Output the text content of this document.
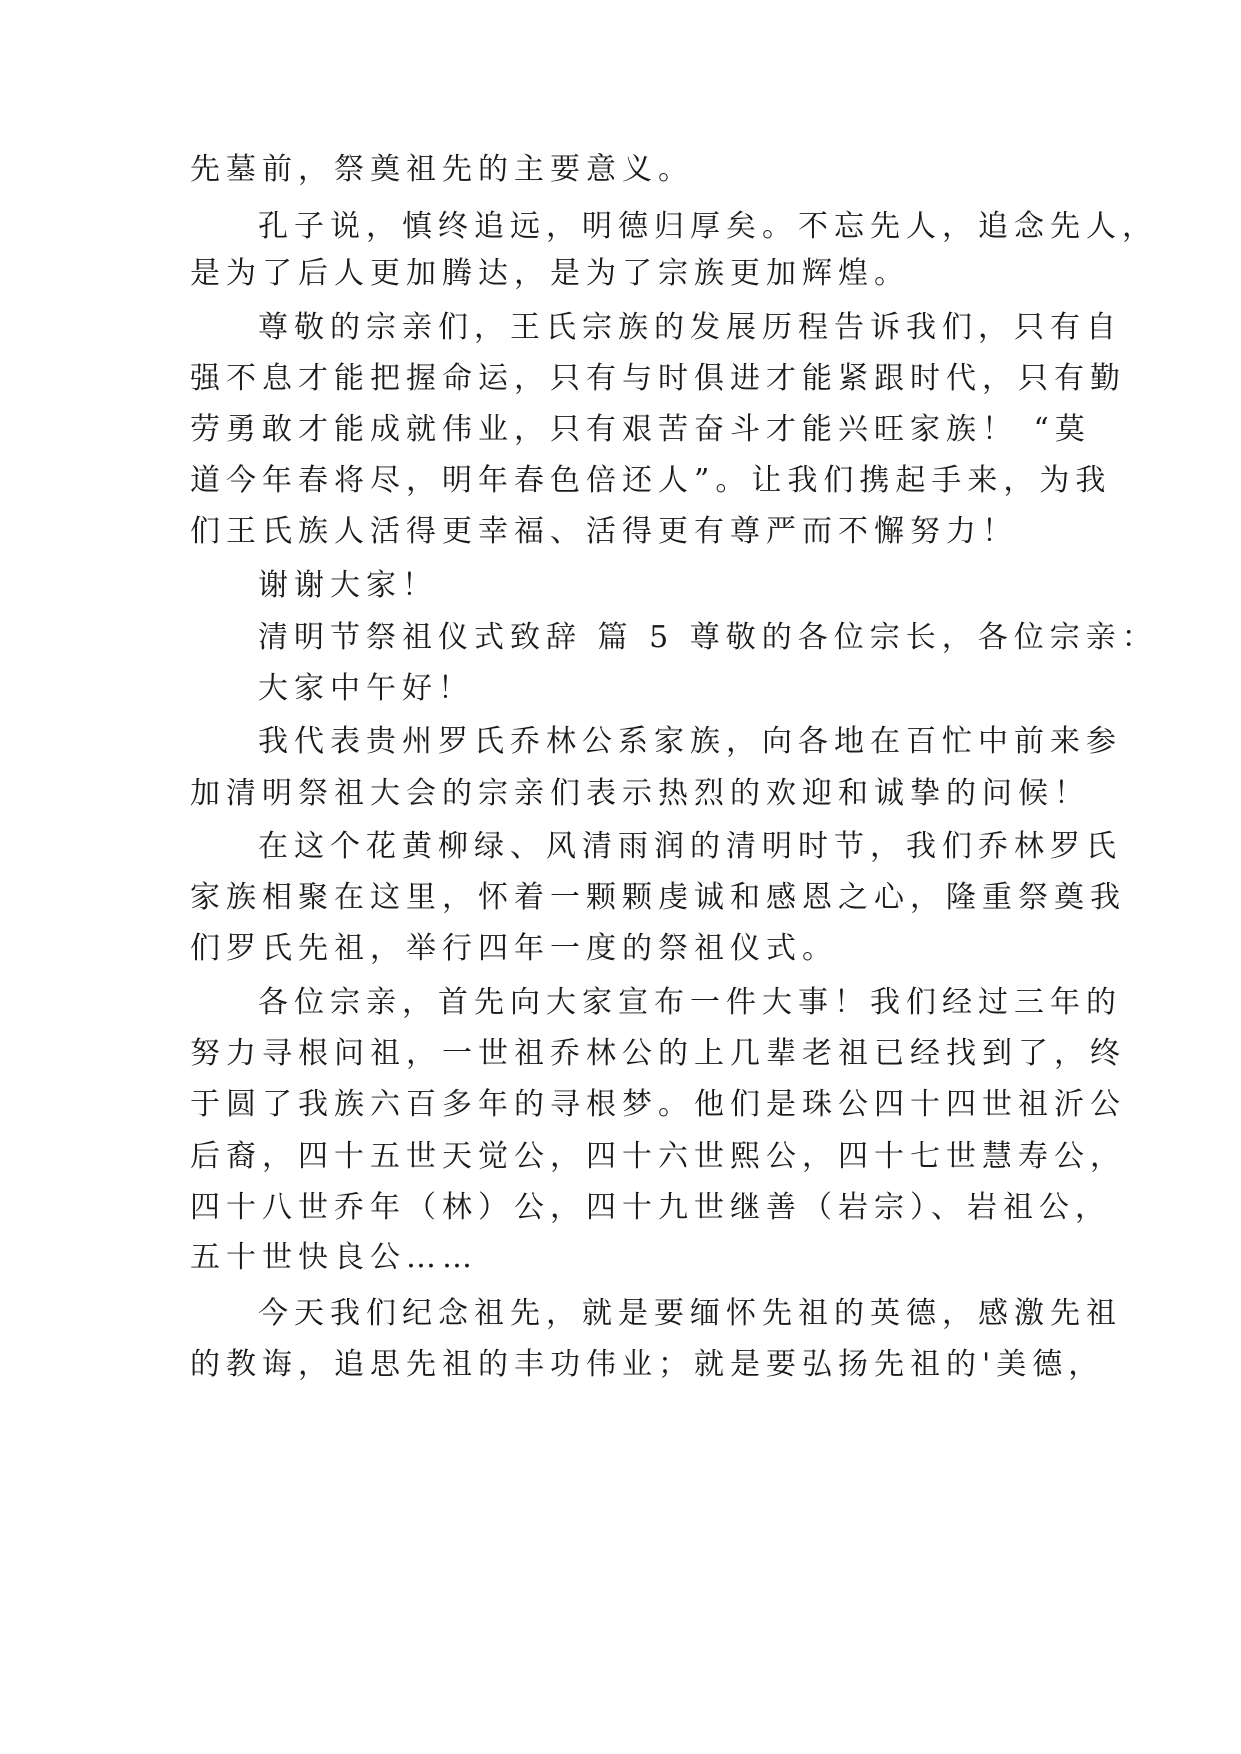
先墓前，祭奠祖先的主要意义。
孔子说，慎终追远，明德归厚矣。不忘先人，追念先人，
是为了后人更加腾达，是为了宗族更加辉煌。
尊敬的宗亲们，王氏宗族的发展历程告诉我们，只有自
强不息才能把握命运，只有与时俱进才能紧跟时代，只有勤
劳勇敢才能成就伟业，只有艰苦奋斗才能兴旺家族！ “莫
道今年春将尽，明年春色倍还人”。让我们携起手来，为我
们王氏族人活得更幸福、活得更有尊严而不懈努力！
谢谢大家！
清明节祭祖仪式致辞 篇 5 尊敬的各位宗长，各位宗亲：
大家中午好！
我代表贵州罗氏乔林公系家族，向各地在百忙中前来参
加清明祭祖大会的宗亲们表示热烈的欢迎和诚挚的问候！
在这个花黄柳绿、风清雨润的清明时节，我们乔林罗氏
家族相聚在这里，怀着一颗颗虔诚和感恩之心，隆重祭奠我
们罗氏先祖，举行四年一度的祭祖仪式。
各位宗亲，首先向大家宣布一件大事！我们经过三年的
努力寻根问祖，一世祖乔林公的上几辈老祖已经找到了，终
于圆了我族六百多年的寻根梦。他们是珠公四十四世祖沂公
后裔，四十五世天觉公，四十六世熙公，四十七世慧寿公，
四十八世乔年（林）公，四十九世继善（岩宗）、岩祖公，
五十世快良公……
今天我们纪念祖先，就是要缅怀先祖的英德，感激先祖
的教诲，追思先祖的丰功伟业；就是要弘扬先祖的'美德，
